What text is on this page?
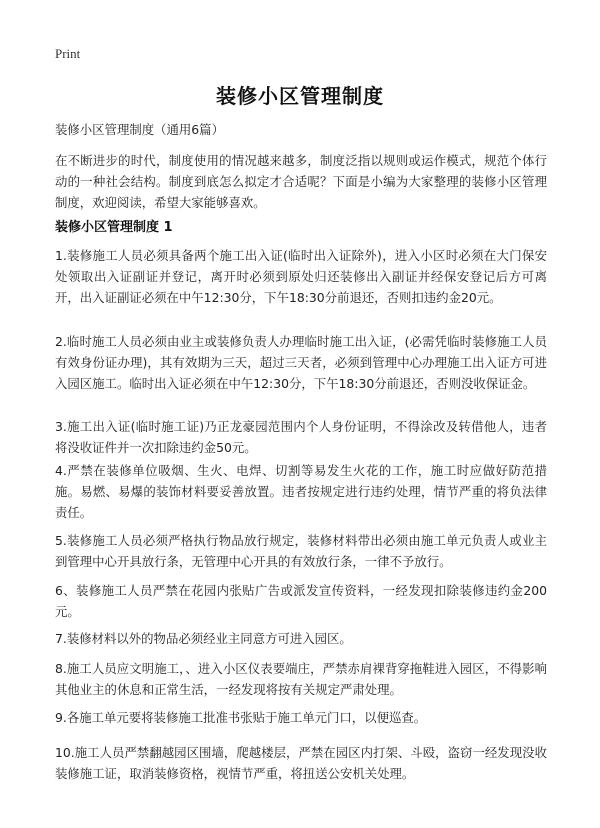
Print
装修小区管理制度

装修小区管理制度（通用6篇）

在不断进步的时代，制度使用的情况越来越多，制度泛指以规则或运作模式，规范个体行动的一种社会结构。制度到底怎么拟定才合适呢？下面是小编为大家整理的装修小区管理制度，欢迎阅读，希望大家能够喜欢。

装修小区管理制度 1

1.装修施工人员必须具备两个施工出入证(临时出入证除外)，进入小区时必须在大门保安处领取出入证副证并登记，离开时必须到原处归还装修出入副证并经保安登记后方可离开，出入证副证必须在中午12:30分，下午18:30分前退还，否则扣违约金20元。

2.临时施工人员必须由业主或装修负责人办理临时施工出入证，(必需凭临时装修施工人员有效身份证办理)，其有效期为三天，超过三天者，必须到管理中心办理施工出入证方可进入园区施工。临时出入证必须在中午12:30分，下午18:30分前退还，否则没收保证金。

3.施工出入证(临时施工证)乃正龙豪园范围内个人身份证明，不得涂改及转借他人，违者将没收证件并一次扣除违约金50元。

4.严禁在装修单位吸烟、生火、电焊、切割等易发生火花的工作，施工时应做好防范措施。易燃、易爆的装饰材料要妥善放置。违者按规定进行违约处理，情节严重的将负法律责任。

5.装修施工人员必须严格执行物品放行规定，装修材料带出必须由施工单元负责人或业主到管理中心开具放行条，无管理中心开具的有效放行条，一律不予放行。

6、装修施工人员严禁在花园内张贴广告或派发宣传资料，一经发现扣除装修违约金200元。

7.装修材料以外的物品必须经业主同意方可进入园区。

8.施工人员应文明施工，、进入小区仪表要端庄，严禁赤肩裸背穿拖鞋进入园区，不得影响其他业主的休息和正常生活，一经发现将按有关规定严肃处理。

9.各施工单元要将装修施工批准书张贴于施工单元门口，以便巡查。

10.施工人员严禁翻越园区围墙，爬越楼层，严禁在园区内打架、斗殴，盗窃一经发现没收装修施工证，取消装修资格，视情节严重，将扭送公安机关处理。
